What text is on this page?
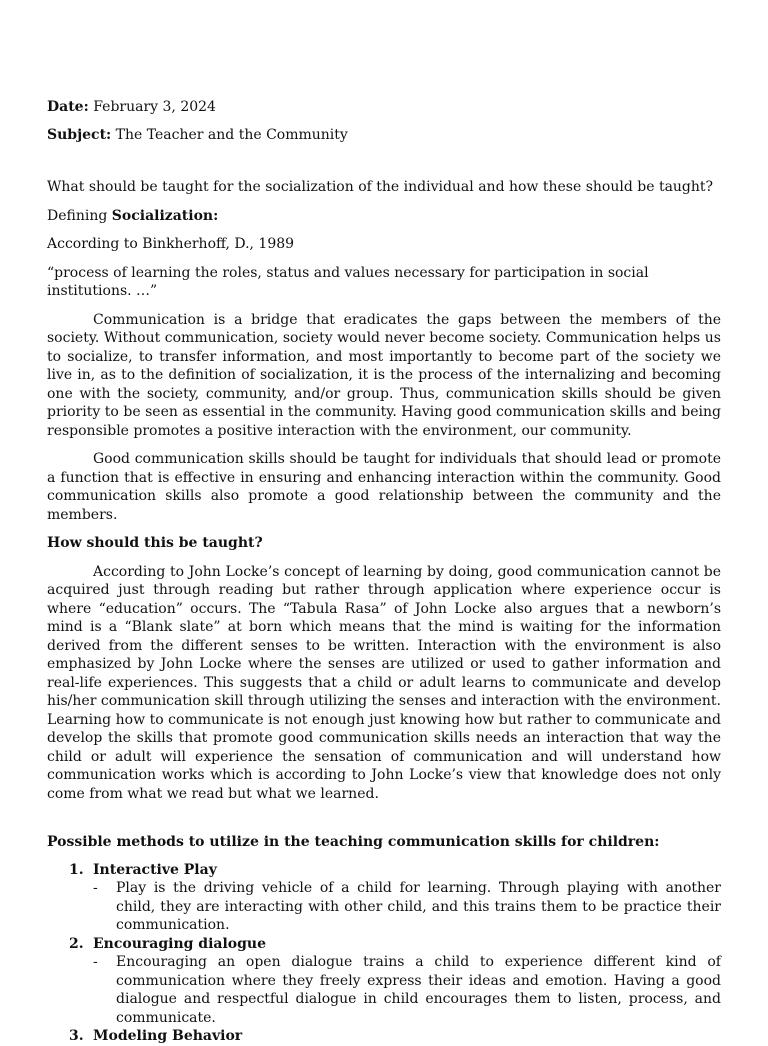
Date: February 3, 2024

Subject: The Teacher and the Community

What should be taught for the socialization of the individual and how these should be taught?

Defining Socialization:

According to Binkherhoff, D., 1989

“process of learning the roles, status and values necessary for participation in social institutions. …”

Communication is a bridge that eradicates the gaps between the members of the society. Without communication, society would never become society. Communication helps us to socialize, to transfer information, and most importantly to become part of the society we live in, as to the definition of socialization, it is the process of the internalizing and becoming one with the society, community, and/or group. Thus, communication skills should be given priority to be seen as essential in the community. Having good communication skills and being responsible promotes a positive interaction with the environment, our community.

Good communication skills should be taught for individuals that should lead or promote a function that is effective in ensuring and enhancing interaction within the community. Good communication skills also promote a good relationship between the community and the members.

How should this be taught?

According to John Locke’s concept of learning by doing, good communication cannot be acquired just through reading but rather through application where experience occur is where “education” occurs. The “Tabula Rasa” of John Locke also argues that a newborn’s mind is a “Blank slate” at born which means that the mind is waiting for the information derived from the different senses to be written. Interaction with the environment is also emphasized by John Locke where the senses are utilized or used to gather information and real-life experiences. This suggests that a child or adult learns to communicate and develop his/her communication skill through utilizing the senses and interaction with the environment. Learning how to communicate is not enough just knowing how but rather to communicate and develop the skills that promote good communication skills needs an interaction that way the child or adult will experience the sensation of communication and will understand how communication works which is according to John Locke’s view that knowledge does not only come from what we read but what we learned.

Possible methods to utilize in the teaching communication skills for children:

1. Interactive Play
- Play is the driving vehicle of a child for learning. Through playing with another child, they are interacting with other child, and this trains them to be practice their communication.
2. Encouraging dialogue
- Encouraging an open dialogue trains a child to experience different kind of communication where they freely express their ideas and emotion. Having a good dialogue and respectful dialogue in child encourages them to listen, process, and communicate.
3. Modeling Behavior
